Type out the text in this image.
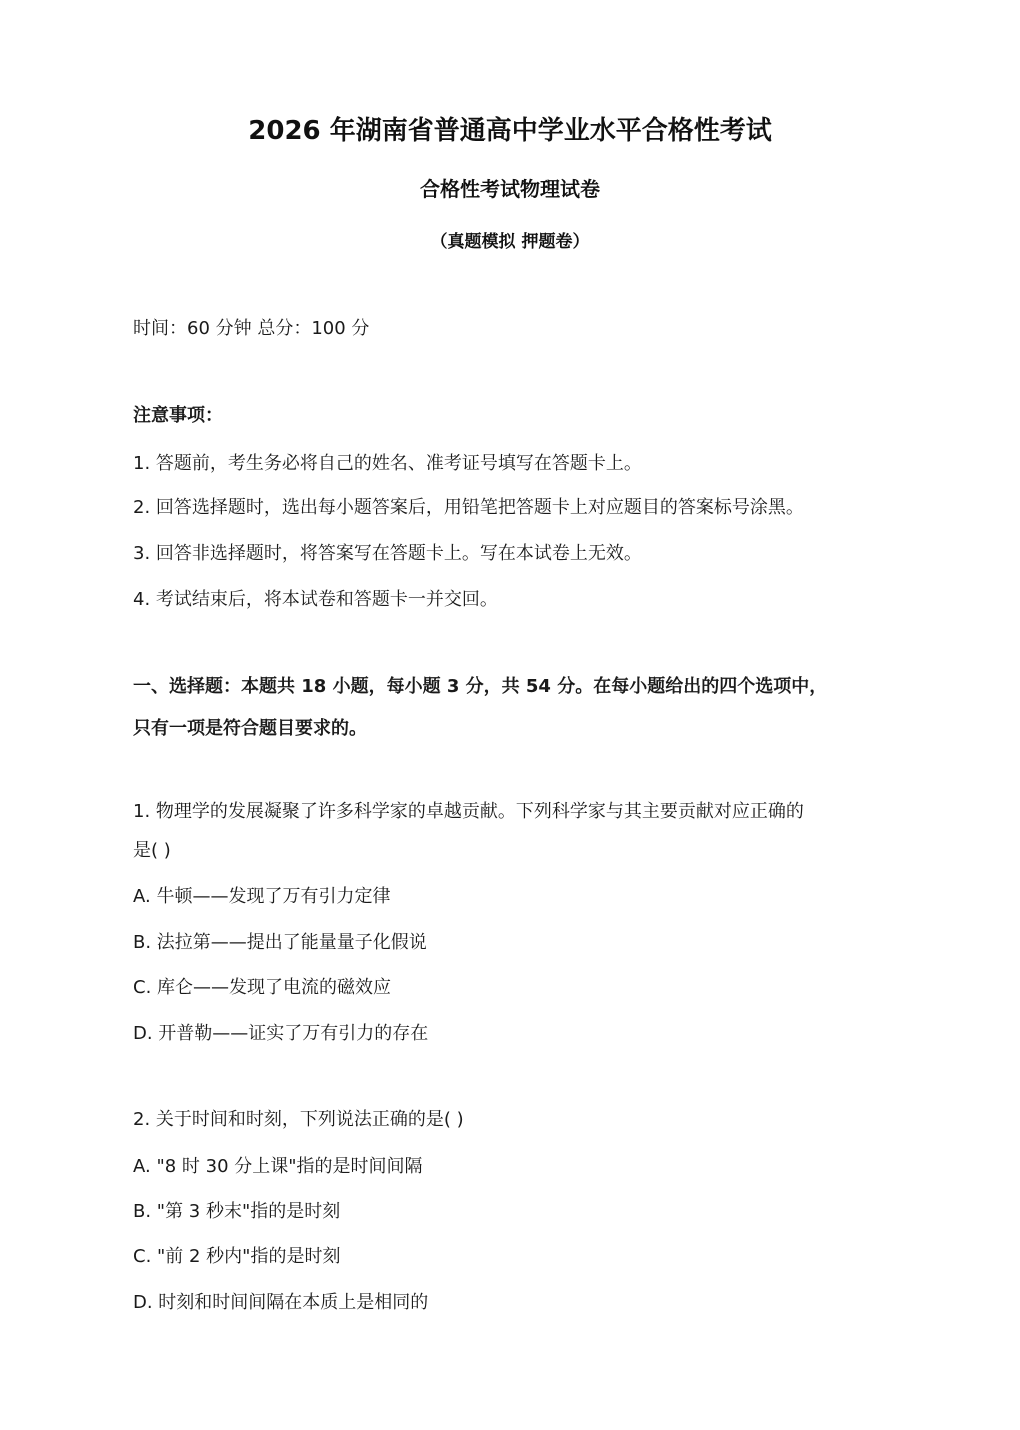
2026 年湖南省普通高中学业水平合格性考试
合格性考试物理试卷
（真题模拟 押题卷）
时间：60 分钟 总分：100 分
注意事项：
1. 答题前，考生务必将自己的姓名、准考证号填写在答题卡上。
2. 回答选择题时，选出每小题答案后，用铅笔把答题卡上对应题目的答案标号涂黑。
3. 回答非选择题时，将答案写在答题卡上。写在本试卷上无效。
4. 考试结束后，将本试卷和答题卡一并交回。
一、选择题：本题共 18 小题，每小题 3 分，共 54 分。在每小题给出的四个选项中，
只有一项是符合题目要求的。
1. 物理学的发展凝聚了许多科学家的卓越贡献。下列科学家与其主要贡献对应正确的
是( )
A. 牛顿——发现了万有引力定律
B. 法拉第——提出了能量量子化假说
C. 库仑——发现了电流的磁效应
D. 开普勒——证实了万有引力的存在
2. 关于时间和时刻，下列说法正确的是( )
A. "8 时 30 分上课"指的是时间间隔
B. "第 3 秒末"指的是时刻
C. "前 2 秒内"指的是时刻
D. 时刻和时间间隔在本质上是相同的
